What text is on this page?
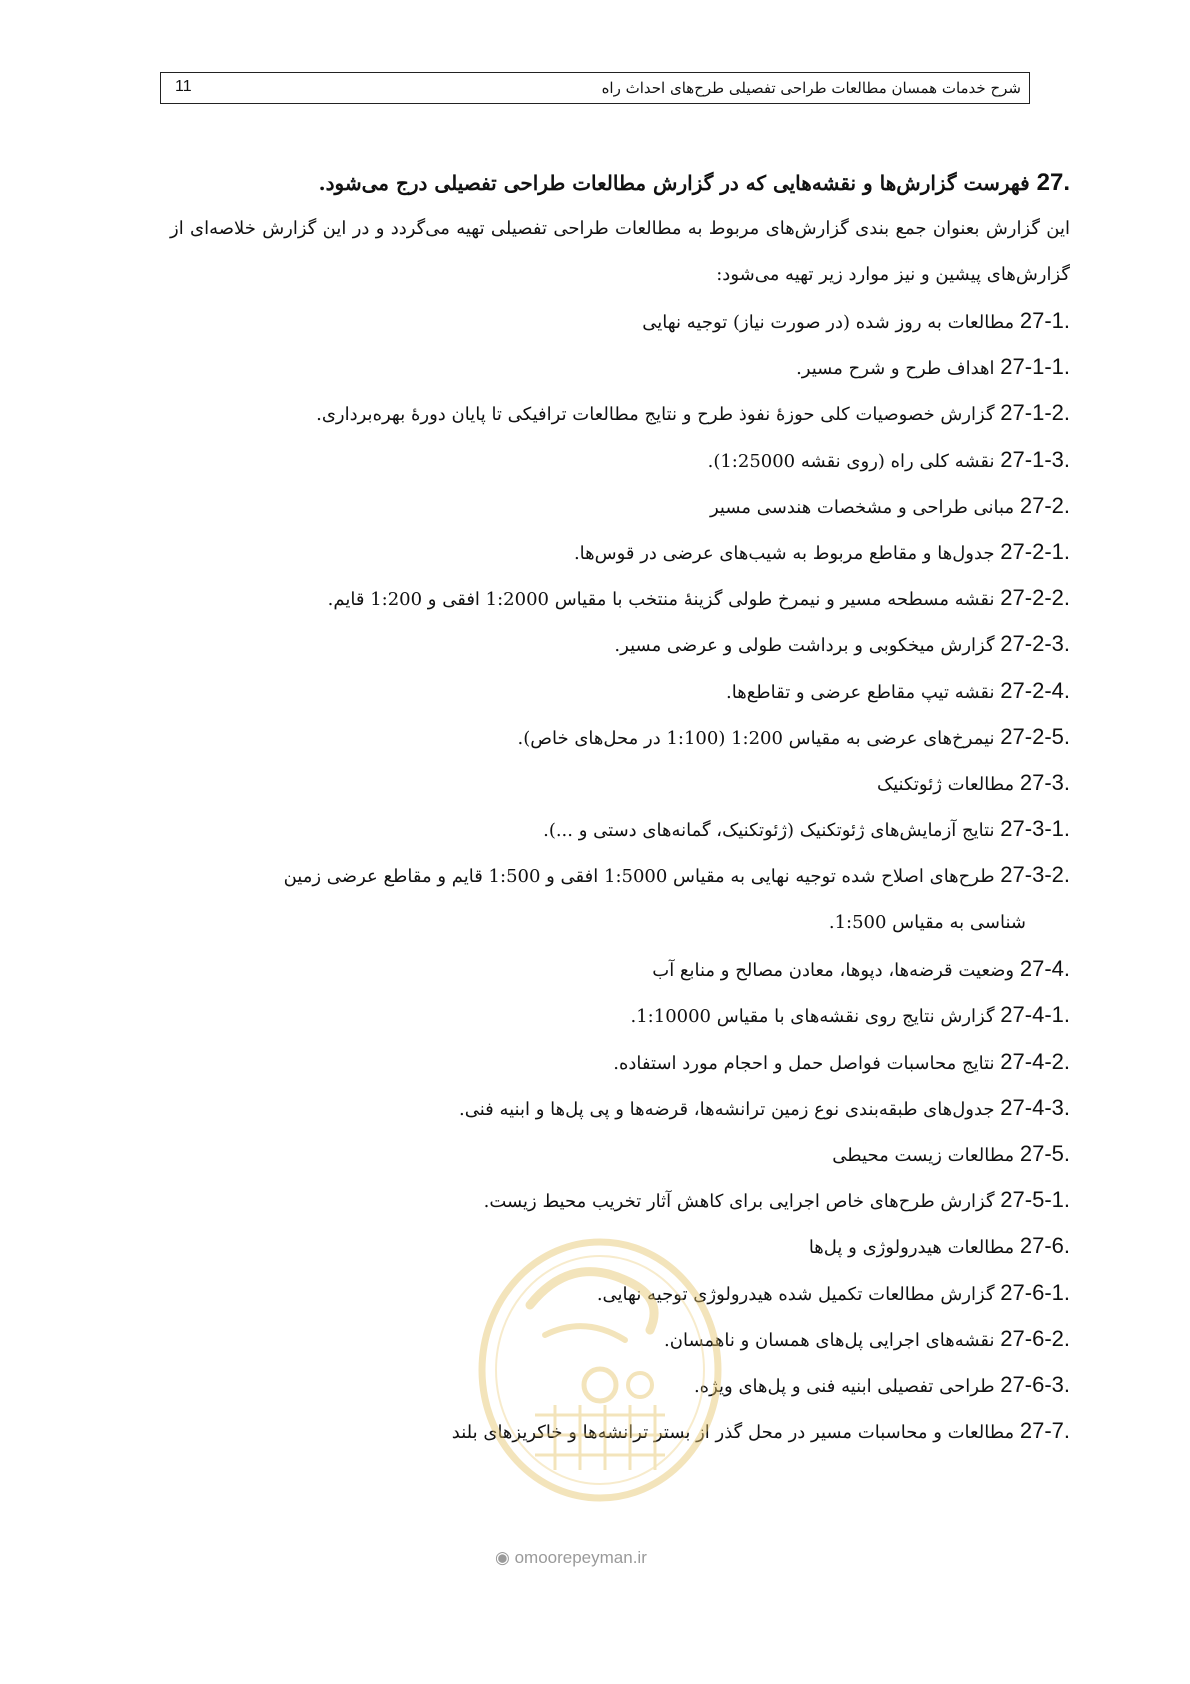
شرح خدمات همسان مطالعات طراحی تفصیلی طرح‌های احداث راه
11
27. فهرست گزارش‌ها و نقشه‌هایی که در گزارش مطالعات طراحی تفصیلی درج می‌شود.

این گزارش بعنوان جمع بندی گزارش‌های مربوط به مطالعات طراحی تفصیلی تهیه می‌گردد و در این گزارش خلاصه‌ای از گزارش‌های پیشین و نیز موارد زیر تهیه می‌شود:

27-1. مطالعات به روز شده (در صورت نیاز) توجیه نهایی
27-1-1. اهداف طرح و شرح مسیر.
27-1-2. گزارش خصوصیات کلی حوزهٔ نفوذ طرح و نتایج مطالعات ترافیکی تا پایان دورهٔ بهره‌برداری.
27-1-3. نقشه کلی راه (روی نقشه 1:25000).
27-2. مبانی طراحی و مشخصات هندسی مسیر
27-2-1. جدول‌ها و مقاطع مربوط به شیب‌های عرضی در قوس‌ها.
27-2-2. نقشه مسطحه مسیر و نیمرخ طولی گزینهٔ منتخب با مقیاس 1:2000 افقی و 1:200 قایم.
27-2-3. گزارش میخکوبی و برداشت طولی و عرضی مسیر.
27-2-4. نقشه تیپ مقاطع عرضی و تقاطع‌ها.
27-2-5. نیمرخ‌های عرضی به مقیاس 1:200 (1:100 در محل‌های خاص).
27-3. مطالعات ژئوتکنیک
27-3-1. نتایج آزمایش‌های ژئوتکنیک (ژئوتکنیک، گمانه‌های دستی و ...).
27-3-2. طرح‌های اصلاح شده توجیه نهایی به مقیاس 1:5000 افقی و 1:500 قایم و مقاطع عرضی زمین
شناسی به مقیاس 1:500.
27-4. وضعیت قرضه‌ها، دپوها، معادن مصالح و منابع آب
27-4-1. گزارش نتایج روی نقشه‌های با مقیاس 1:10000.
27-4-2. نتایج محاسبات فواصل حمل و احجام مورد استفاده.
27-4-3. جدول‌های طبقه‌بندی نوع زمین ترانشه‌ها، قرضه‌ها و پی پل‌ها و ابنیه فنی.
27-5. مطالعات زیست محیطی
27-5-1. گزارش طرح‌های خاص اجرایی برای کاهش آثار تخریب محیط زیست.
27-6. مطالعات هیدرولوژی و پل‌ها
27-6-1. گزارش مطالعات تکمیل شده هیدرولوژی توجیه نهایی.
27-6-2. نقشه‌های اجرایی پل‌های همسان و ناهمسان.
27-6-3. طراحی تفصیلی ابنیه فنی و پل‌های ویژه.
27-7. مطالعات و محاسبات مسیر در محل گذر از بستر ترانشه‌ها و خاکریزهای بلند
◉ omoorepeyman.ir
